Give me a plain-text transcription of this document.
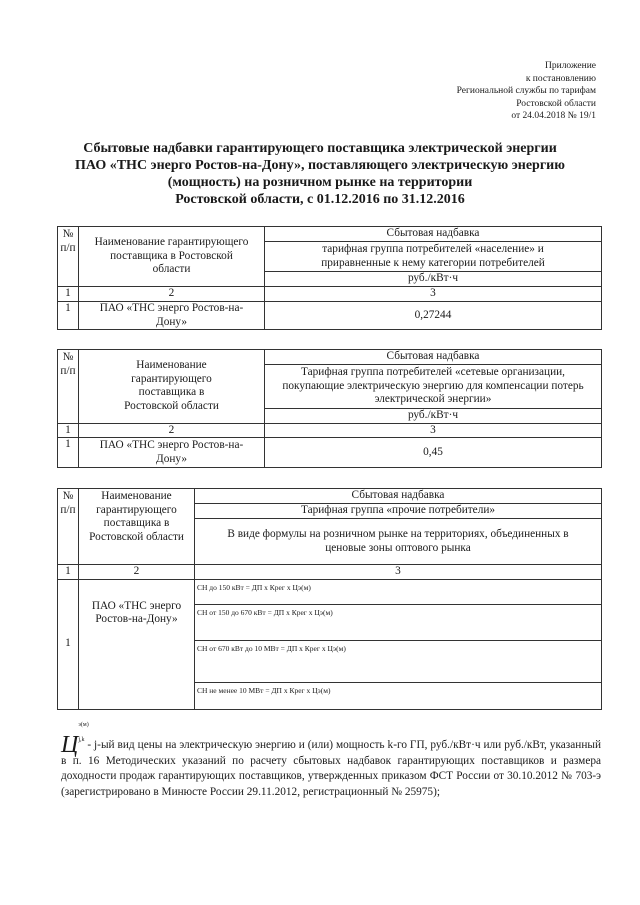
Приложение
к постановлению
Региональной службы по тарифам
Ростовской области
от 24.04.2018 № 19/1
Сбытовые надбавки гарантирующего поставщика электрической энергии
ПАО «ТНС энерго Ростов-на-Дону», поставляющего электрическую энергию
(мощность) на розничном рынке на территории
Ростовской области, с 01.12.2016 по 31.12.2016
№
п/п	Наименование гарантирующего поставщика в Ростовской области	Сбытовая надбавка
		тарифная группа потребителей «население» и приравненные к нему категории потребителей
		руб./кВт·ч
1	2	3
1	ПАО «ТНС энерго Ростов-на-Дону»	0,27244
№
п/п	Наименование гарантирующего поставщика в Ростовской области	Сбытовая надбавка
		Тарифная группа потребителей «сетевые организации, покупающие электрическую энергию для компенсации потерь электрической энергии»
		руб./кВт·ч
1	2	3
1	ПАО «ТНС энерго Ростов-на-Дону»	0,45
№
п/п	Наименование гарантирующего поставщика в Ростовской области	Сбытовая надбавка
		Тарифная группа «прочие потребители»
		В виде формулы на розничном рынке на территориях, объединенных в ценовые зоны оптового рынка
1	2	3
1	ПАО «ТНС энерго Ростов-на-Дону»	СН до 150 кВт = ДП х Крег х Цэ(м)
		СН от 150 до 670 кВт = ДП х Крег х Цэ(м)
		СН от 670 кВт до 10 МВт = ДП х Крег х Цэ(м)
		СН не менее 10 МВт = ДП х Крег х Цэ(м)
Ц
э(м)
j,k - j-ый вид цены на электрическую энергию и (или) мощность k-го ГП, руб./кВт·ч или руб./кВт, указанный в п. 16 Методических указаний по расчету сбытовых надбавок гарантирующих поставщиков и размера доходности продаж гарантирующих поставщиков, утвержденных приказом ФСТ России от 30.10.2012 № 703-э (зарегистрировано в Минюсте России 29.11.2012, регистрационный № 25975);
